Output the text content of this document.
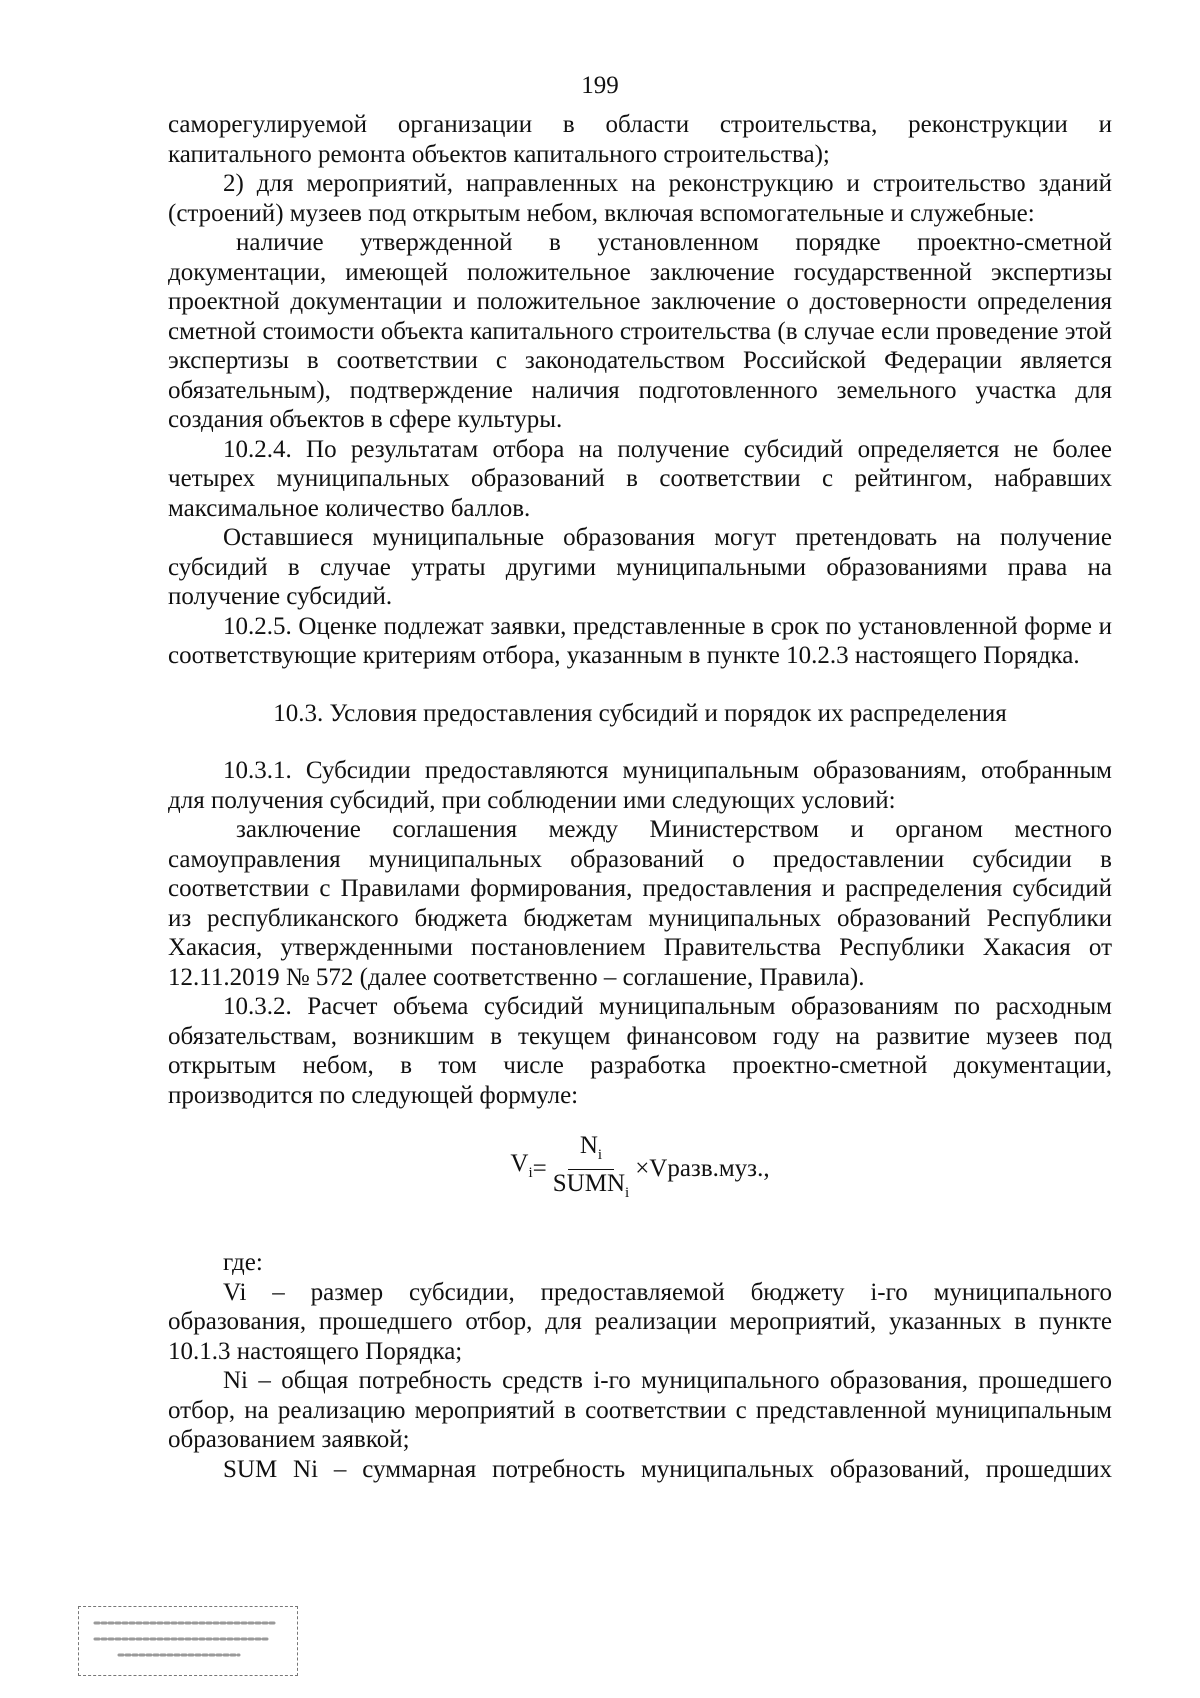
199

саморегулируемой организации в области строительства, реконструкции и капитального ремонта объектов капитального строительства);

2) для мероприятий, направленных на реконструкцию и строительство зданий (строений) музеев под открытым небом, включая вспомогательные и служебные:

наличие утвержденной в установленном порядке проектно-сметной документации, имеющей положительное заключение государственной экспертизы проектной документации и положительное заключение о достоверности определения сметной стоимости объекта капитального строительства (в случае если проведение этой экспертизы в соответствии с законодательством Российской Федерации является обязательным), подтверждение наличия подготовленного земельного участка для создания объектов в сфере культуры.

10.2.4. По результатам отбора на получение субсидий определяется не более четырех муниципальных образований в соответствии с рейтингом, набравших максимальное количество баллов.

Оставшиеся муниципальные образования могут претендовать на получение субсидий в случае утраты другими муниципальными образованиями права на получение субсидий.

10.2.5. Оценке подлежат заявки, представленные в срок по установленной форме и соответствующие критериям отбора, указанным в пункте 10.2.3 настоящего Порядка.

10.3. Условия предоставления субсидий и порядок их распределения

10.3.1. Субсидии предоставляются муниципальным образованиям, отобранным для получения субсидий, при соблюдении ими следующих условий:

заключение соглашения между Министерством и органом местного самоуправления муниципальных образований о предоставлении субсидии в соответствии с Правилами формирования, предоставления и распределения субсидий из республиканского бюджета бюджетам муниципальных образований Республики Хакасия, утвержденными постановлением Правительства Республики Хакасия от 12.11.2019 № 572 (далее соответственно – соглашение, Правила).

10.3.2. Расчет объема субсидий муниципальным образованиям по расходным обязательствам, возникшим в текущем финансовом году на развитие музеев под открытым небом, в том числе разработка проектно-сметной документации, производится по следующей формуле:

$V_i = \frac{N_i}{SUMN_i}$ ×Vразв.муз.,

где:

Vi – размер субсидии, предоставляемой бюджету i-го муниципального образования, прошедшего отбор, для реализации мероприятий, указанных в пункте 10.1.3 настоящего Порядка;

Ni – общая потребность средств i-го муниципального образования, прошедшего отбор, на реализацию мероприятий в соответствии с представленной муниципальным образованием заявкой;

SUM Ni – суммарная потребность муниципальных образований, прошедших
